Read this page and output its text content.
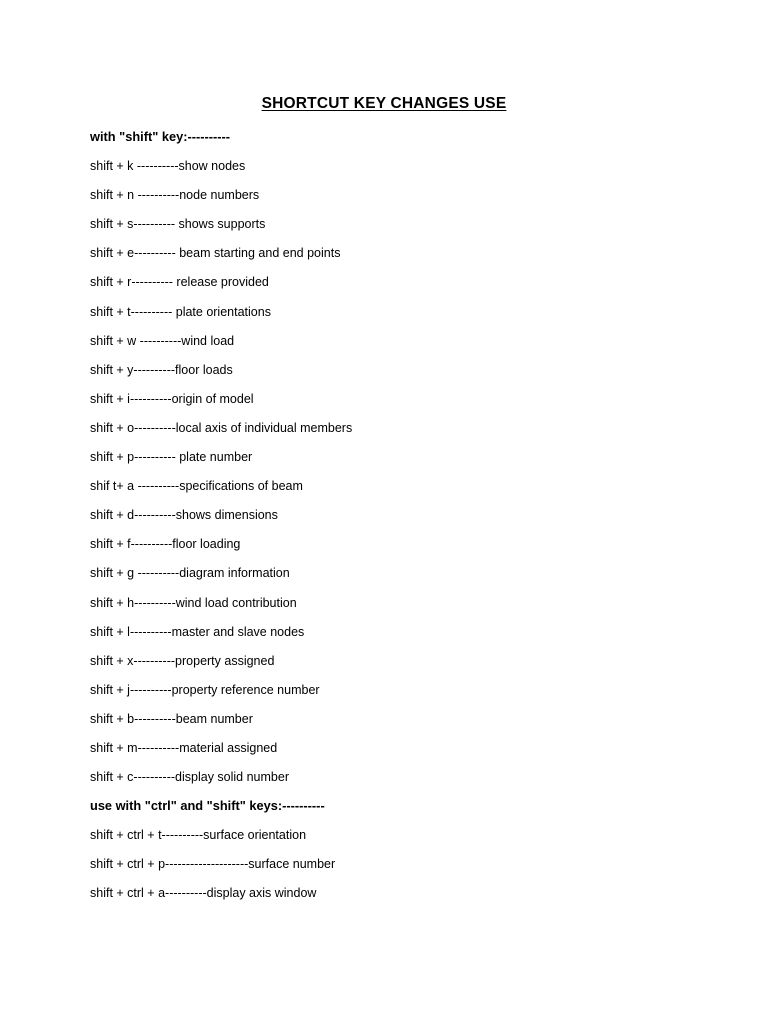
SHORTCUT KEY CHANGES USE
with "shift" key:----------
shift + k ----------show nodes
shift + n ----------node numbers
shift + s---------- shows supports
shift + e---------- beam starting and end points
shift + r---------- release provided
shift + t---------- plate orientations
shift + w ----------wind load
shift + y----------floor loads
shift + i----------origin of model
shift + o----------local axis of individual members
shift + p---------- plate number
shif t+ a ----------specifications of beam
shift + d----------shows dimensions
shift + f----------floor loading
shift + g ----------diagram information
shift + h----------wind load contribution
shift + l----------master and slave nodes
shift + x----------property assigned
shift + j----------property reference number
shift + b----------beam number
shift + m----------material assigned
shift + c----------display solid number
use with "ctrl" and "shift" keys:----------
shift + ctrl + t----------surface orientation
shift + ctrl + p--------------------surface number
shift + ctrl + a----------display axis window
